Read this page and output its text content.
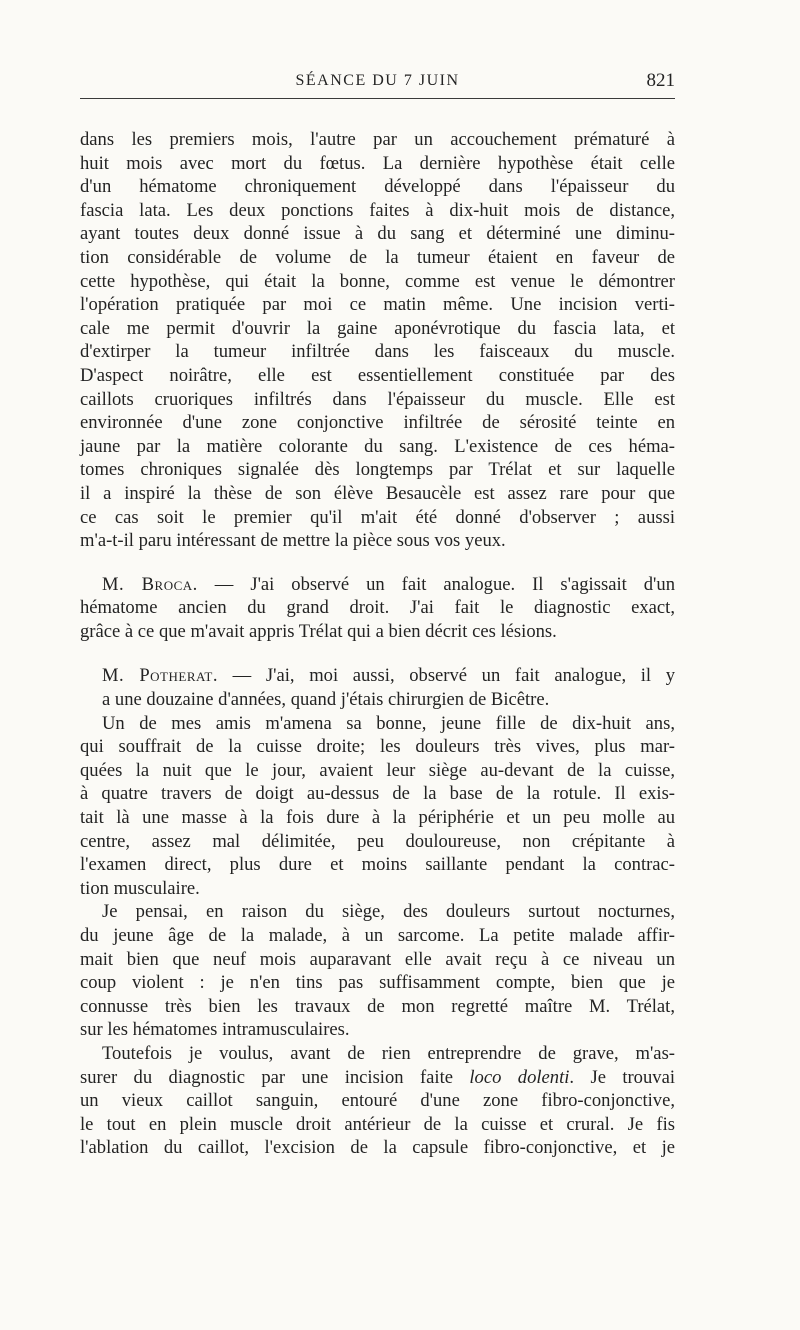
SÉANCE DU 7 JUIN	821
dans les premiers mois, l'autre par un accouchement prématuré à
huit mois avec mort du fœtus. La dernière hypothèse était celle
d'un hématome chroniquement développé dans l'épaisseur du
fascia lata. Les deux ponctions faites à dix-huit mois de distance,
ayant toutes deux donné issue à du sang et déterminé une diminu-
tion considérable de volume de la tumeur étaient en faveur de
cette hypothèse, qui était la bonne, comme est venue le démontrer
l'opération pratiquée par moi ce matin même. Une incision verti-
cale me permit d'ouvrir la gaine aponévrotique du fascia lata, et
d'extirper la tumeur infiltrée dans les faisceaux du muscle.
D'aspect noirâtre, elle est essentiellement constituée par des
caillots cruoriques infiltrés dans l'épaisseur du muscle. Elle est
environnée d'une zone conjonctive infiltrée de sérosité teinte en
jaune par la matière colorante du sang. L'existence de ces héma-
tomes chroniques signalée dès longtemps par Trélat et sur laquelle
il a inspiré la thèse de son élève Besaucèle est assez rare pour que
ce cas soit le premier qu'il m'ait été donné d'observer ; aussi
m'a-t-il paru intéressant de mettre la pièce sous vos yeux.
M. Broca. — J'ai observé un fait analogue. Il s'agissait d'un
hématome ancien du grand droit. J'ai fait le diagnostic exact,
grâce à ce que m'avait appris Trélat qui a bien décrit ces lésions.
M. Potherat. — J'ai, moi aussi, observé un fait analogue, il y
a une douzaine d'années, quand j'étais chirurgien de Bicêtre.
Un de mes amis m'amena sa bonne, jeune fille de dix-huit ans,
qui souffrait de la cuisse droite; les douleurs très vives, plus mar-
quées la nuit que le jour, avaient leur siège au-devant de la cuisse,
à quatre travers de doigt au-dessus de la base de la rotule. Il exis-
tait là une masse à la fois dure à la périphérie et un peu molle au
centre, assez mal délimitée, peu douloureuse, non crépitante à
l'examen direct, plus dure et moins saillante pendant la contrac-
tion musculaire.
Je pensai, en raison du siège, des douleurs surtout nocturnes,
du jeune âge de la malade, à un sarcome. La petite malade affir-
mait bien que neuf mois auparavant elle avait reçu à ce niveau un
coup violent : je n'en tins pas suffisamment compte, bien que je
connusse très bien les travaux de mon regretté maître M. Trélat,
sur les hématomes intramusculaires.
Toutefois je voulus, avant de rien entreprendre de grave, m'as-
surer du diagnostic par une incision faite loco dolenti. Je trouvai
un vieux caillot sanguin, entouré d'une zone fibro-conjonctive,
le tout en plein muscle droit antérieur de la cuisse et crural. Je fis
l'ablation du caillot, l'excision de la capsule fibro-conjonctive, et je
